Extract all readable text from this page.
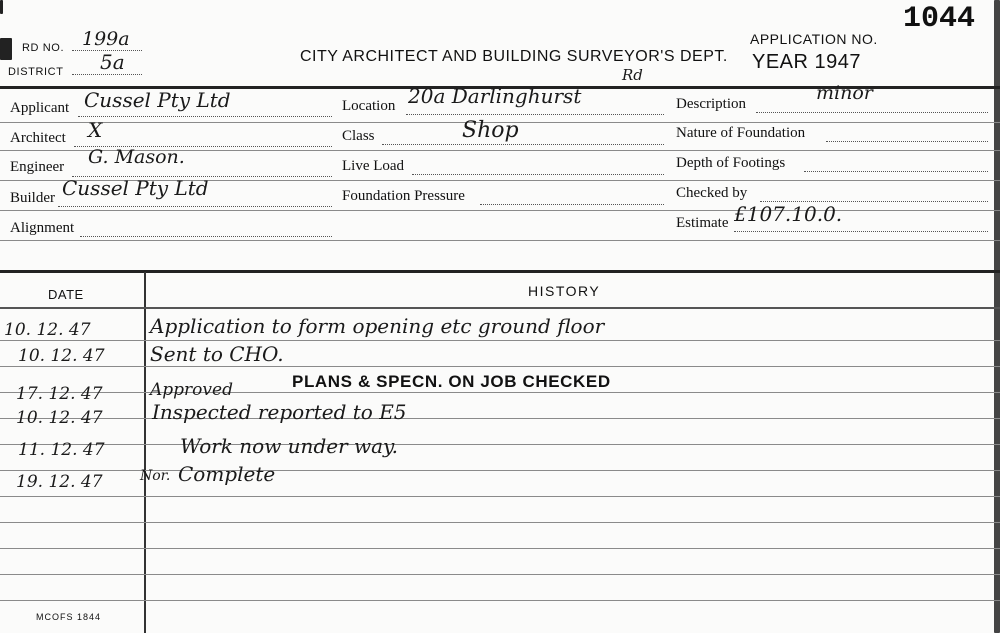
RD NO. 199a
DISTRICT 5a	CITY ARCHITECT AND BUILDING SURVEYOR'S DEPT.
APPLICATION NO.
1044
YEAR 1947
Applicant Cussel Pty Ltd
Architect X
Engineer G. Mason.
Builder Cussel Pty Ltd
Alignment
Location 20a Darlinghurst
Rd
Class	Shop
Live Load
Foundation Pressure
Description	minor
Nature of Foundation
Depth of Footings
Checked by
Estimate £107.10.0.
DATE	HISTORY
10. 12. 47	Application to form opening etc ground floor
10. 12. 47 Sent to CHO.
17. 12. 47	Approved	PLANS & SPECN. ON JOB CHECKED
10. 12. 47 Inspected reported to E5
11. 12. 47	Work now under way.
19. 12. 47	Nor. Complete
MCOFS 1844
